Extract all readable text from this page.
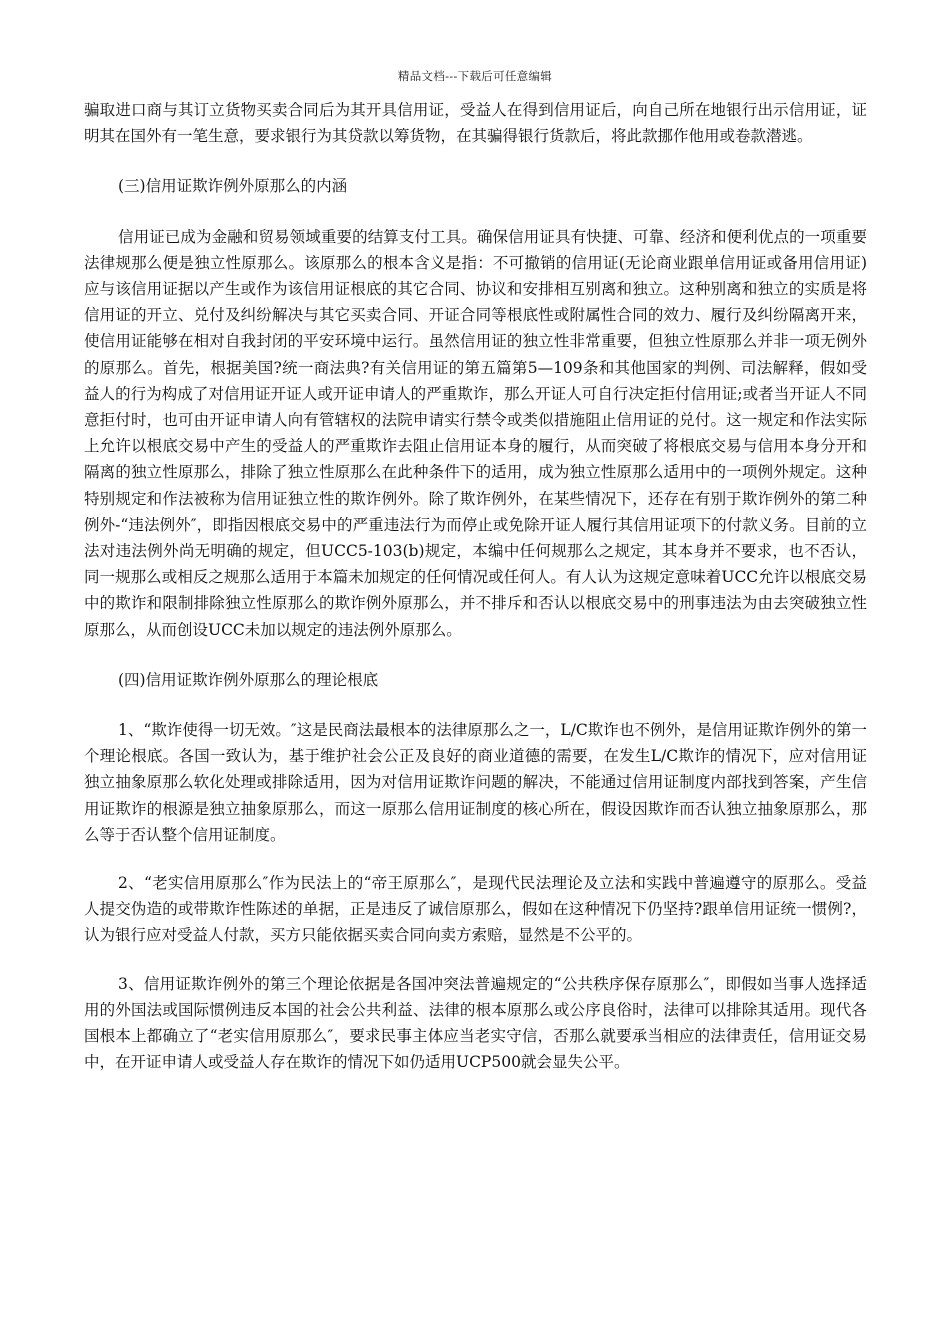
精品文档---下载后可任意编辑

骗取进口商与其订立货物买卖合同后为其开具信用证，受益人在得到信用证后，向自己所在地银行出示信用证，证明其在国外有一笔生意，要求银行为其贷款以筹货物，在其骗得银行货款后，将此款挪作他用或卷款潜逃。

(三)信用证欺诈例外原那么的内涵

信用证已成为金融和贸易领域重要的结算支付工具。确保信用证具有快捷、可靠、经济和便利优点的一项重要法律规那么便是独立性原那么。该原那么的根本含义是指：不可撤销的信用证(无论商业跟单信用证或备用信用证)应与该信用证据以产生或作为该信用证根底的其它合同、协议和安排相互别离和独立。这种别离和独立的实质是将信用证的开立、兑付及纠纷解决与其它买卖合同、开证合同等根底性或附属性合同的效力、履行及纠纷隔离开来，使信用证能够在相对自我封闭的平安环境中运行。虽然信用证的独立性非常重要，但独立性原那么并非一项无例外的原那么。首先，根据美国?统一商法典?有关信用证的第五篇第5—109条和其他国家的判例、司法解释，假如受益人的行为构成了对信用证开证人或开证申请人的严重欺诈，那么开证人可自行决定拒付信用证;或者当开证人不同意拒付时，也可由开证申请人向有管辖权的法院申请实行禁令或类似措施阻止信用证的兑付。这一规定和作法实际上允许以根底交易中产生的受益人的严重欺诈去阻止信用证本身的履行，从而突破了将根底交易与信用本身分开和隔离的独立性原那么，排除了独立性原那么在此种条件下的适用，成为独立性原那么适用中的一项例外规定。这种特别规定和作法被称为信用证独立性的欺诈例外。除了欺诈例外，在某些情况下，还存在有别于欺诈例外的第二种例外-“违法例外″，即指因根底交易中的严重违法行为而停止或免除开证人履行其信用证项下的付款义务。目前的立法对违法例外尚无明确的规定，但UCC5-103(b)规定，本编中任何规那么之规定，其本身并不要求，也不否认，同一规那么或相反之规那么适用于本篇未加规定的任何情况或任何人。有人认为这规定意味着UCC允许以根底交易中的欺诈和限制排除独立性原那么的欺诈例外原那么，并不排斥和否认以根底交易中的刑事违法为由去突破独立性原那么，从而创设UCC未加以规定的违法例外原那么。

(四)信用证欺诈例外原那么的理论根底

1、“欺诈使得一切无效。″这是民商法最根本的法律原那么之一，L/C欺诈也不例外，是信用证欺诈例外的第一个理论根底。各国一致认为，基于维护社会公正及良好的商业道德的需要，在发生L/C欺诈的情况下，应对信用证独立抽象原那么软化处理或排除适用，因为对信用证欺诈问题的解决，不能通过信用证制度内部找到答案，产生信用证欺诈的根源是独立抽象原那么，而这一原那么信用证制度的核心所在，假设因欺诈而否认独立抽象原那么，那么等于否认整个信用证制度。

2、“老实信用原那么″作为民法上的“帝王原那么″，是现代民法理论及立法和实践中普遍遵守的原那么。受益人提交伪造的或带欺诈性陈述的单据，正是违反了诚信原那么，假如在这种情况下仍坚持?跟单信用证统一惯例?，认为银行应对受益人付款，买方只能依据买卖合同向卖方索赔，显然是不公平的。

3、信用证欺诈例外的第三个理论依据是各国冲突法普遍规定的“公共秩序保存原那么″，即假如当事人选择适用的外国法或国际惯例违反本国的社会公共利益、法律的根本原那么或公序良俗时，法律可以排除其适用。现代各国根本上都确立了“老实信用原那么″，要求民事主体应当老实守信，否那么就要承当相应的法律责任，信用证交易中，在开证申请人或受益人存在欺诈的情况下如仍适用UCP500就会显失公平。
